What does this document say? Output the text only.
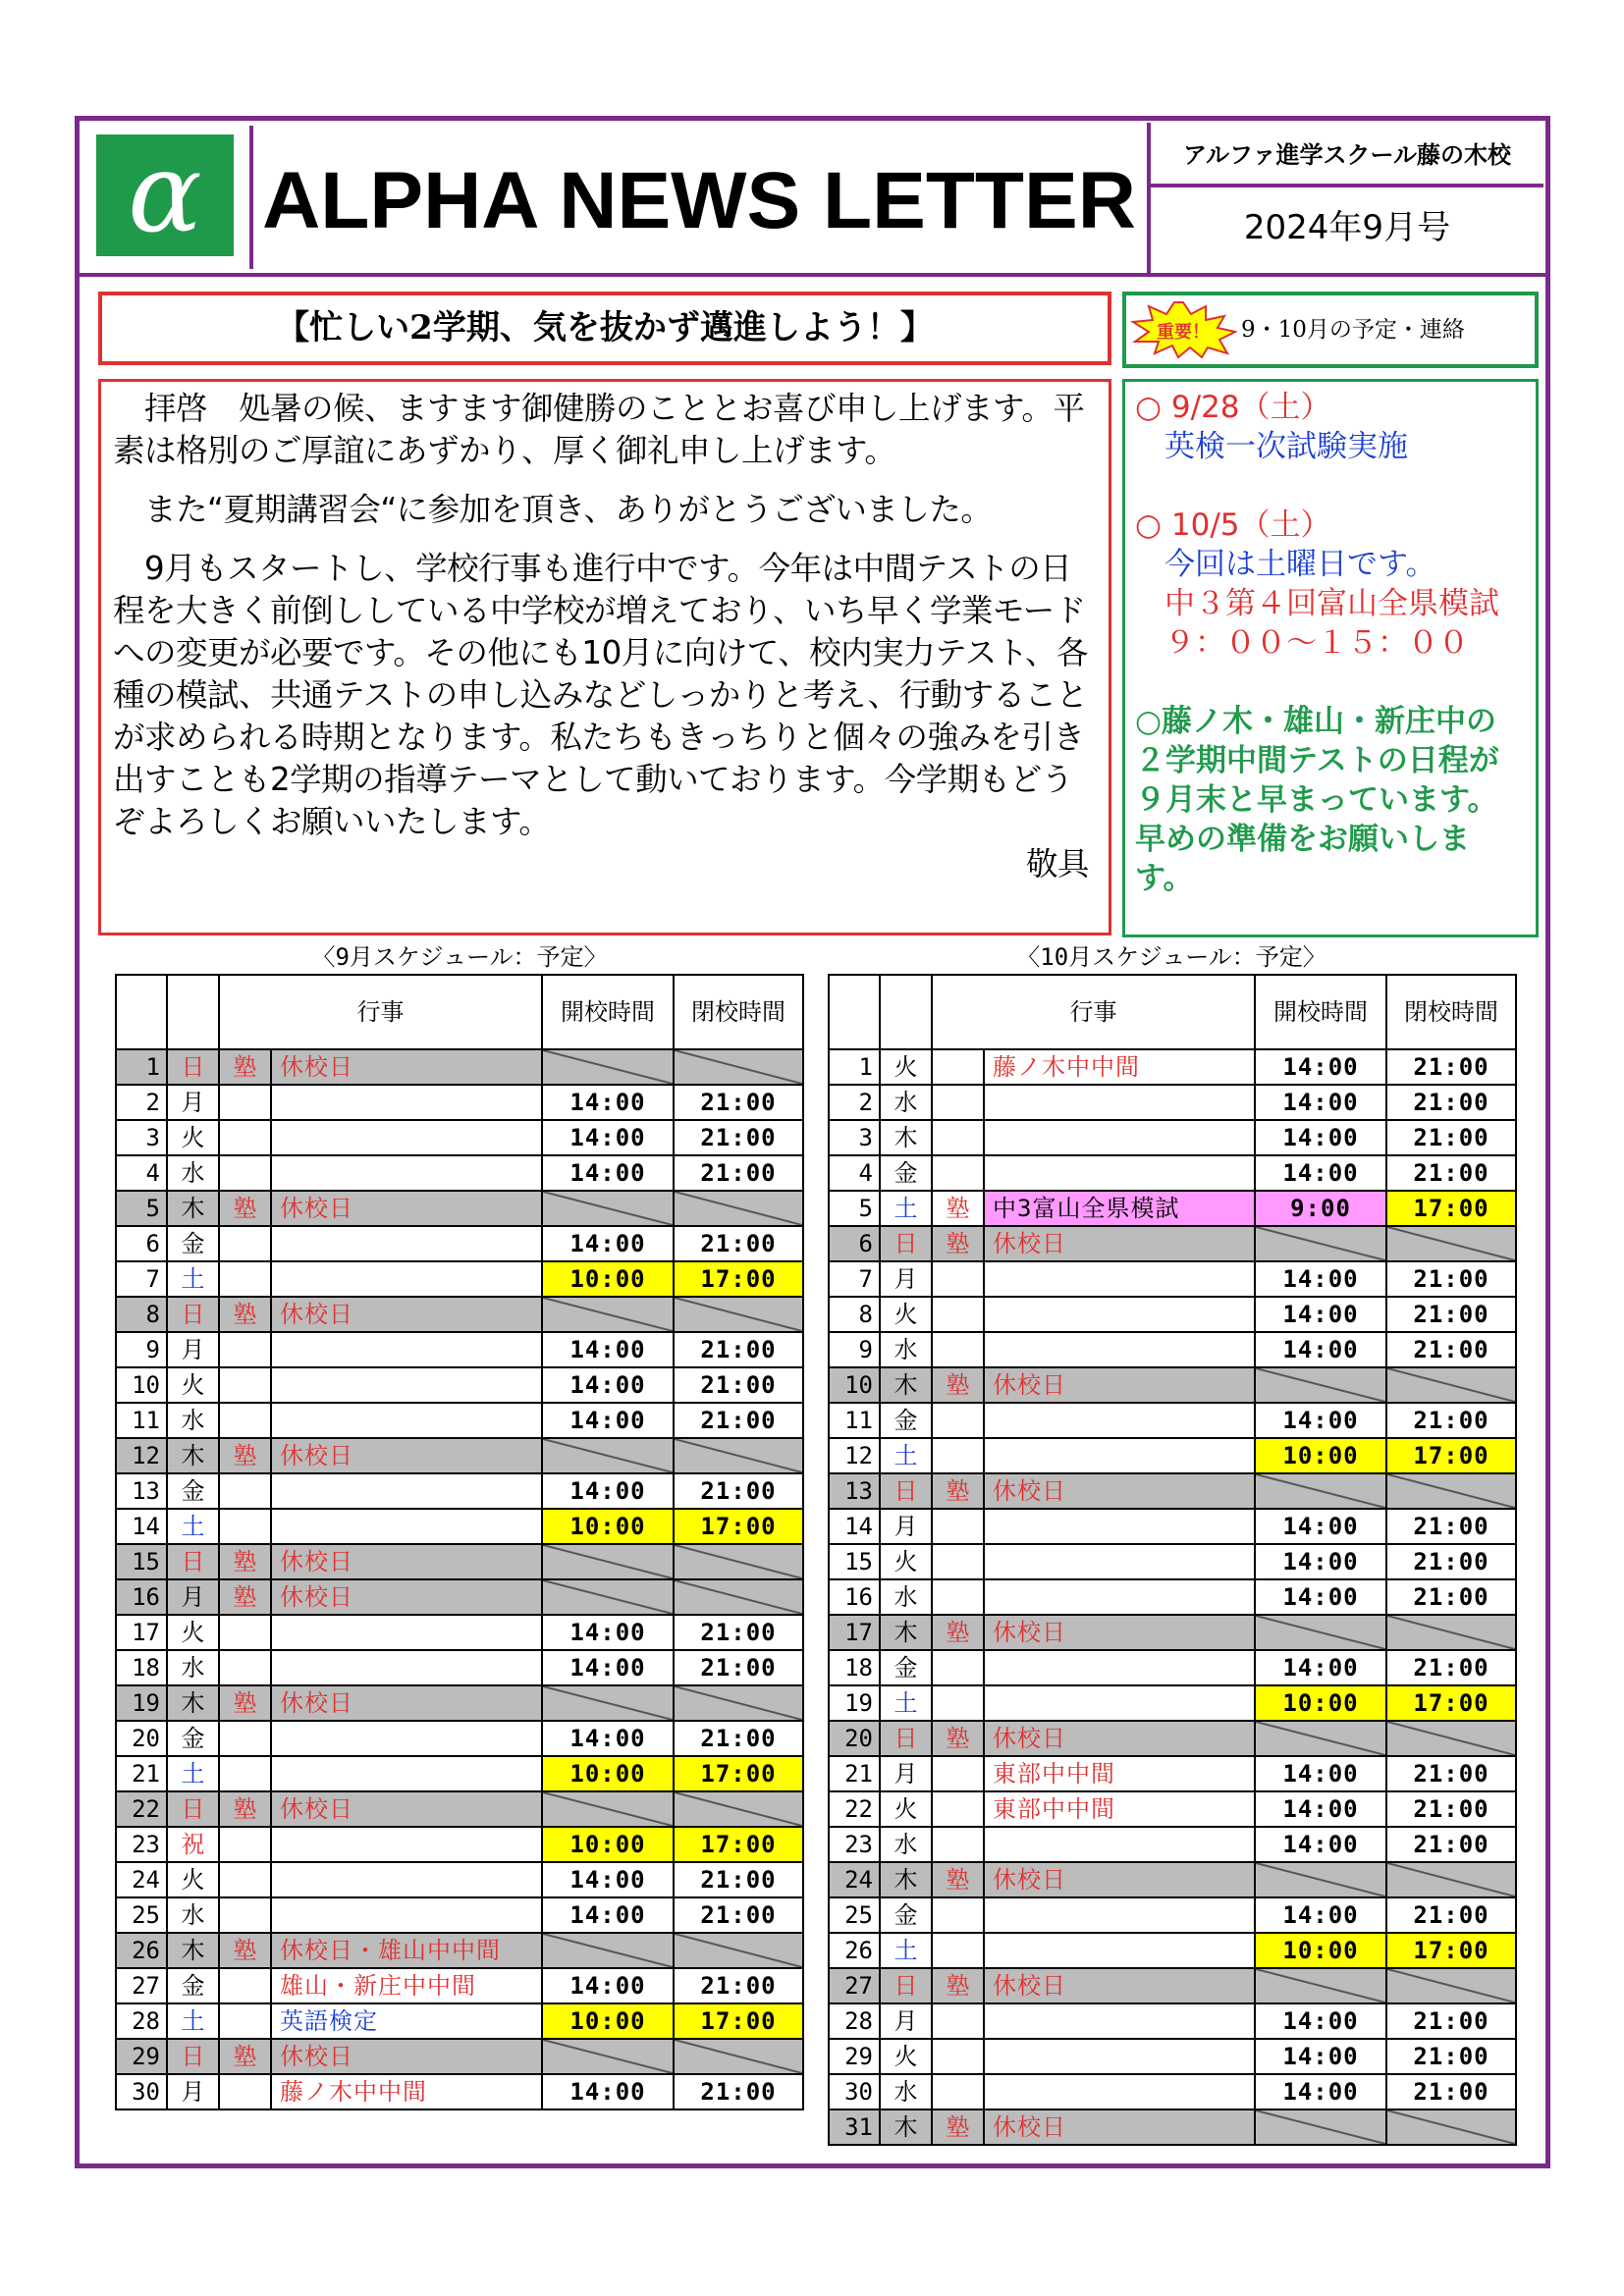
α ALPHA NEWS LETTER
アルファ進学スクール藤の木校
2024年9月号
【忙しい2学期、気を抜かず邁進しよう！】

　拝啓　処暑の候、ますます御健勝のこととお喜び申し上げます。平素は格別のご厚誼にあずかり、厚く御礼申し上げます。

　また“夏期講習会“に参加を頂き、ありがとうございました。

　9月もスタートし、学校行事も進行中です。今年は中間テストの日程を大きく前倒ししている中学校が増えており、いち早く学業モードへの変更が必要です。その他にも10月に向けて、校内実力テスト、各種の模試、共通テストの申し込みなどしっかりと考え、行動することが求められる時期となります。私たちもきっちりと個々の強みを引き出すことも2学期の指導テーマとして動いております。今学期もどうぞよろしくお願いいたします。

敬具
重要！ 9・10月の予定・連絡
○ 9/28（土）
英検一次試験実施
○ 10/5（土）
今回は土曜日です。
中３第４回富山全県模試
９：００～１５：００
○藤ノ木・雄山・新庄中の２学期中間テストの日程が ９月末と早まっています。早めの準備をお願いします。
〈9月スケジュール：予定〉	〈10月スケジュール：予定〉
		行事		開校時間	閉校時間
1	日	塾	休校日		
2	月			14:00	21:00
3	火			14:00	21:00
4	水			14:00	21:00
5	木	塾	休校日		
6	金			14:00	21:00
7	土			10:00	17:00
8	日	塾	休校日		
9	月			14:00	21:00
10	火			14:00	21:00
11	水			14:00	21:00
12	木	塾	休校日		
13	金			14:00	21:00
14	土			10:00	17:00
15	日	塾	休校日		
16	月	塾	休校日		
17	火			14:00	21:00
18	水			14:00	21:00
19	木	塾	休校日		
20	金			14:00	21:00
21	土			10:00	17:00
22	日	塾	休校日		
23	祝			10:00	17:00
24	火			14:00	21:00
25	水			14:00	21:00
26	木	塾	休校日・雄山中中間		
27	金		雄山・新庄中中間	14:00	21:00
28	土		英語検定	10:00	17:00
29	日	塾	休校日		
30	月		藤ノ木中中間	14:00	21:00
		行事		開校時間	閉校時間
1	火		藤ノ木中中間	14:00	21:00
2	水			14:00	21:00
3	木			14:00	21:00
4	金			14:00	21:00
5	土	塾	中3富山全県模試	9:00	17:00
6	日	塾	休校日		
7	月			14:00	21:00
8	火			14:00	21:00
9	水			14:00	21:00
10	木	塾	休校日		
11	金			14:00	21:00
12	土			10:00	17:00
13	日	塾	休校日		
14	月			14:00	21:00
15	火			14:00	21:00
16	水			14:00	21:00
17	木	塾	休校日		
18	金			14:00	21:00
19	土			10:00	17:00
20	日	塾	休校日		
21	月		東部中中間	14:00	21:00
22	火		東部中中間	14:00	21:00
23	水			14:00	21:00
24	木	塾	休校日		
25	金			14:00	21:00
26	土			10:00	17:00
27	日	塾	休校日		
28	月			14:00	21:00
29	火			14:00	21:00
30	水			14:00	21:00
31	木	塾	休校日		
